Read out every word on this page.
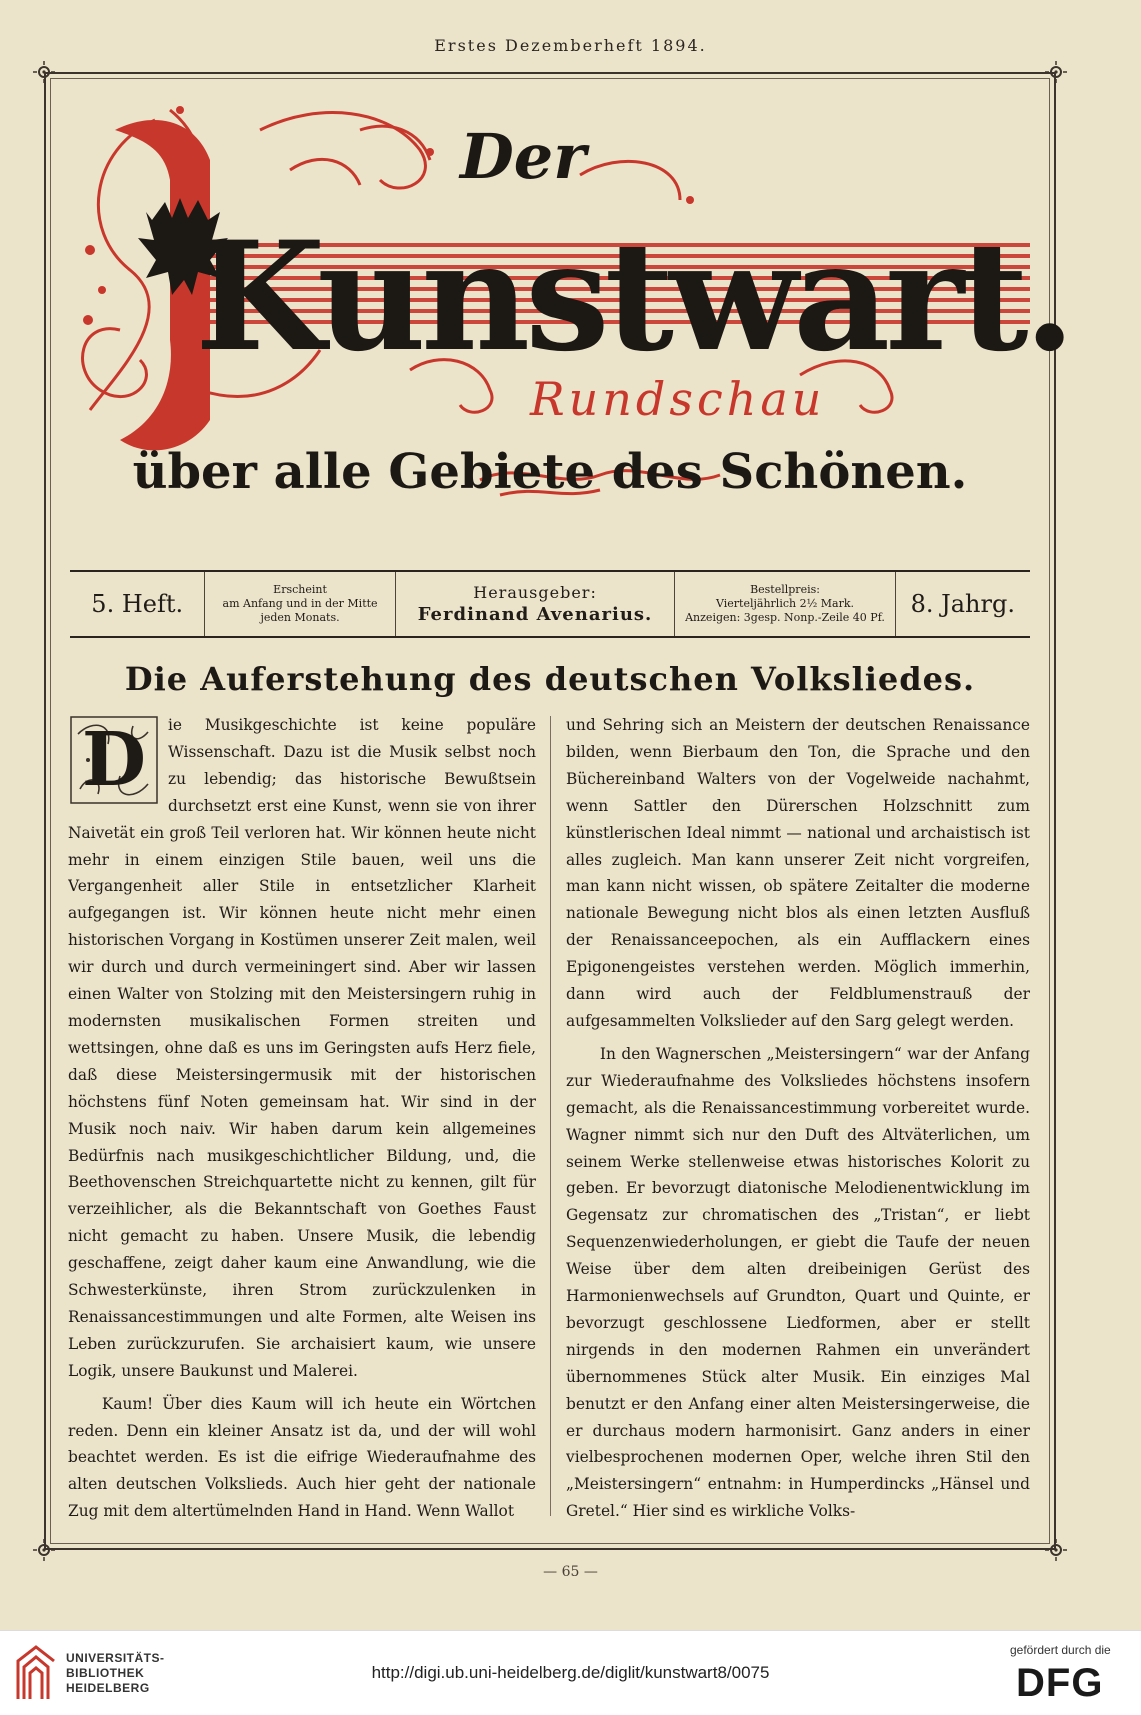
Erstes Dezemberheft 1894.
Der
Kunstwart.
Rundschau
über alle Gebiete des Schönen.
5. Heft.
Erscheint
am Anfang und in der Mitte
jeden Monats.
Herausgeber:
Ferdinand Avenarius.
Bestellpreis:
Vierteljährlich 2½ Mark.
Anzeigen: 3gesp. Nonp.-Zeile 40 Pf. 8. Jahrg.
Die Auferstehung des deutschen Volksliedes.

D	ie Musikgeschichte ist keine populäre Wissenschaft. Dazu ist die Musik selbst noch zu lebendig; das historische Bewußtsein durchsetzt erst eine Kunst, wenn sie von ihrer Naivetät ein groß Teil verloren hat. Wir können heute nicht mehr in einem einzigen Stile bauen, weil uns die Vergangenheit aller Stile in entsetzlicher Klarheit aufgegangen ist. Wir können heute nicht mehr einen historischen Vorgang in Kostümen unserer Zeit malen, weil wir durch und durch vermeiningert sind. Aber wir lassen einen Walter von Stolzing mit den Meistersingern ruhig in modernsten musikalischen Formen streiten und wettsingen, ohne daß es uns im Geringsten aufs Herz fiele, daß diese Meistersingermusik mit der historischen höchstens fünf Noten gemeinsam hat. Wir sind in der Musik noch naiv. Wir haben darum kein allgemeines Bedürfnis nach musikgeschichtlicher Bildung, und, die Beethovenschen Streichquartette nicht zu kennen, gilt für verzeihlicher, als die Bekanntschaft von Goethes Faust nicht gemacht zu haben. Unsere Musik, die lebendig geschaffene, zeigt daher kaum eine Anwandlung, wie die Schwesterkünste, ihren Strom zurückzulenken in Renaissancestimmungen und alte Formen, alte Weisen ins Leben zurückzurufen. Sie archaisiert kaum, wie unsere Logik, unsere Baukunst und Malerei.

Kaum! Über dies Kaum will ich heute ein Wörtchen reden. Denn ein kleiner Ansatz ist da, und der will wohl beachtet werden. Es ist die eifrige Wiederaufnahme des alten deutschen Volkslieds. Auch hier geht der nationale Zug mit dem altertümelnden Hand in Hand. Wenn Wallot

und Sehring sich an Meistern der deutschen Renaissance bilden, wenn Bierbaum den Ton, die Sprache und den Büchereinband Walters von der Vogelweide nachahmt, wenn Sattler den Dürerschen Holzschnitt zum künstlerischen Ideal nimmt — national und archaistisch ist alles zugleich. Man kann unserer Zeit nicht vorgreifen, man kann nicht wissen, ob spätere Zeitalter die moderne nationale Bewegung nicht blos als einen letzten Ausfluß der Renaissanceepochen, als ein Aufflackern eines Epigonengeistes verstehen werden. Möglich immerhin, dann wird auch der Feldblumenstrauß der aufgesammelten Volkslieder auf den Sarg gelegt werden.

In den Wagnerschen „Meistersingern“ war der Anfang zur Wiederaufnahme des Volksliedes höchstens insofern gemacht, als die Renaissancestimmung vorbereitet wurde. Wagner nimmt sich nur den Duft des Altväterlichen, um seinem Werke stellenweise etwas historisches Kolorit zu geben. Er bevorzugt diatonische Melodienentwicklung im Gegensatz zur chromatischen des „Tristan“, er liebt Sequenzenwiederholungen, er giebt die Taufe der neuen Weise über dem alten dreibeinigen Gerüst des Harmonienwechsels auf Grundton, Quart und Quinte, er bevorzugt geschlossene Liedformen, aber er stellt nirgends in den modernen Rahmen ein unverändert übernommenes Stück alter Musik. Ein einziges Mal benutzt er den Anfang einer alten Meistersingerweise, die er durchaus modern harmonisirt. Ganz anders in einer vielbesprochenen modernen Oper, welche ihren Stil den „Meistersingern“ entnahm: in Humperdincks „Hänsel und Gretel.“ Hier sind es wirkliche Volks-

— 65 —
UNIVERSITÄTS-
BIBLIOTHEK
HEIDELBERG
http://digi.ub.uni-heidelberg.de/diglit/kunstwart8/0075
gefördert durch die
DFG
